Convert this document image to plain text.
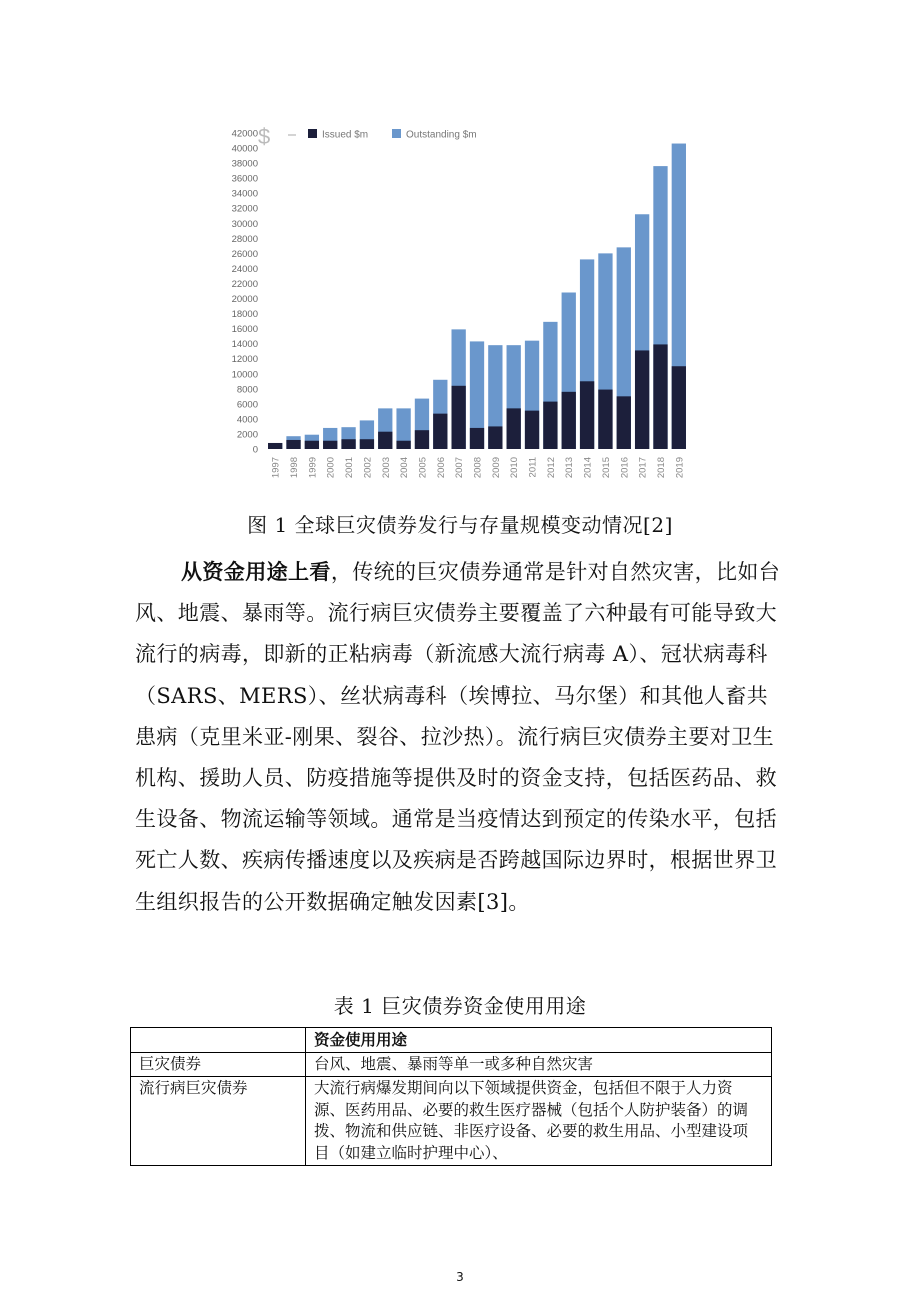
0
2000
4000
6000
8000
10000
12000
14000
16000
18000
20000
22000
24000
26000
28000
30000
32000
34000
36000
38000
40000
42000
1997 1998 1999 2000 2001 2002 2003 2004 2005 2006 2007 2008 2009 2010 2011 2012 2013 2014 2015 2016 2017 2018 2019
$	Issued $m	Outstanding $m
图 1 全球巨灾债券发行与存量规模变动情况[2]

从资金用途上看，传统的巨灾债券通常是针对自然灾害，比如台风、地震、暴雨等。流行病巨灾债券主要覆盖了六种最有可能导致大流行的病毒，即新的正粘病毒（新流感大流行病毒 A）、冠状病毒科（SARS、MERS）、丝状病毒科（埃博拉、马尔堡）和其他人畜共患病（克里米亚-刚果、裂谷、拉沙热）。流行病巨灾债券主要对卫生机构、援助人员、防疫措施等提供及时的资金支持，包括医药品、救生设备、物流运输等领域。通常是当疫情达到预定的传染水平，包括死亡人数、疾病传播速度以及疾病是否跨越国际边界时，根据世界卫生组织报告的公开数据确定触发因素[3]。

表 1 巨灾债券资金使用用途
	资金使用用途
巨灾债券	台风、地震、暴雨等单一或多种自然灾害
流行病巨灾债券	大流行病爆发期间向以下领域提供资金，包括但不限于人力资源、医药用品、必要的救生医疗器械（包括个人防护装备）的调拨、物流和供应链、非医疗设备、必要的救生用品、小型建设项目（如建立临时护理中心）、
3
